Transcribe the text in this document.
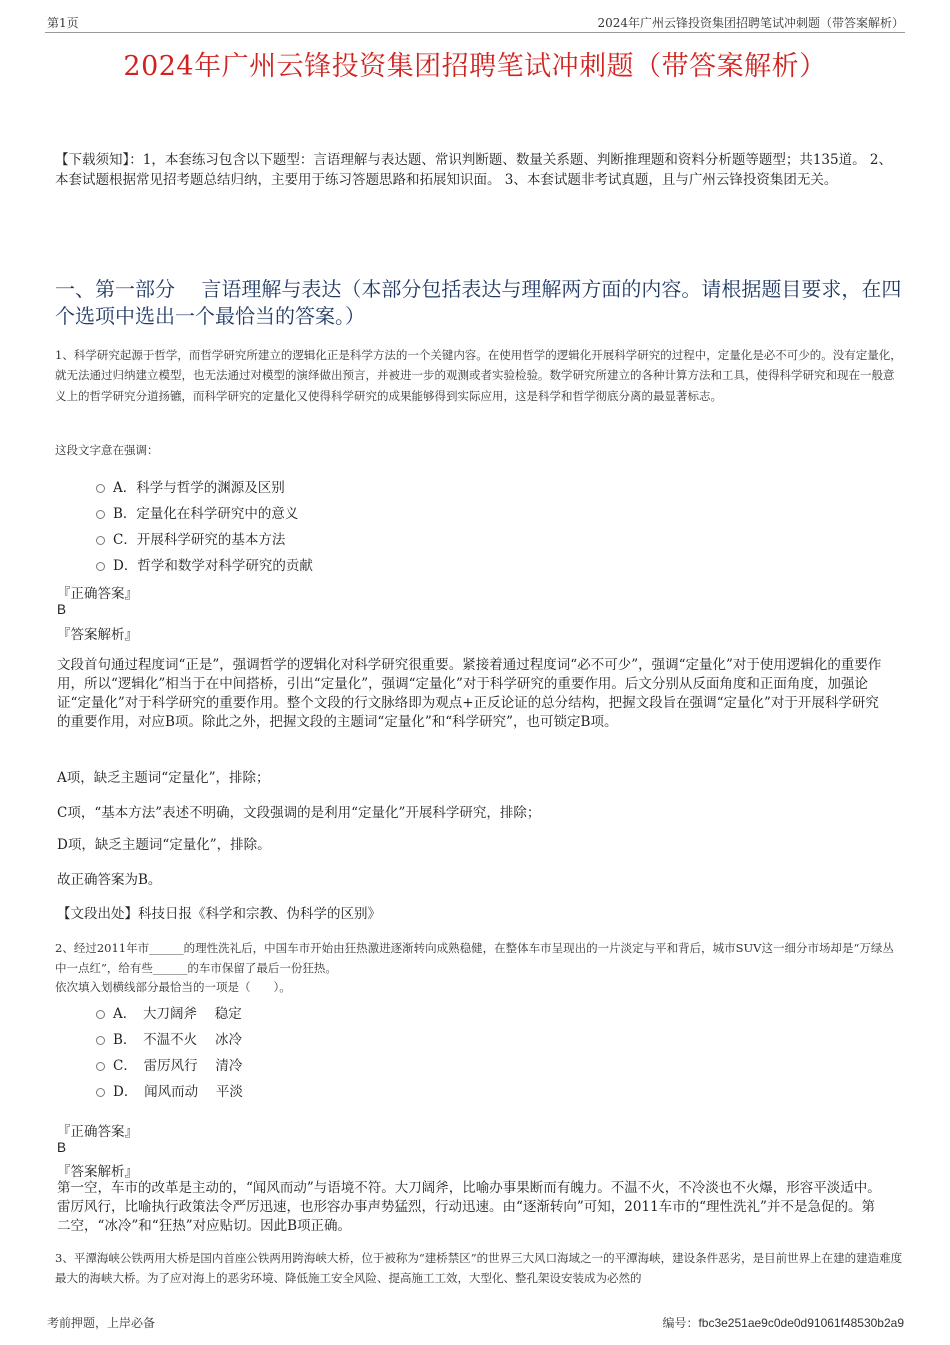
第1页	2024年广州云锋投资集团招聘笔试冲刺题（带答案解析）
2024年广州云锋投资集团招聘笔试冲刺题（带答案解析）
【下载须知】：1，本套练习包含以下题型：言语理解与表达题、常识判断题、数量关系题、判断推理题和资料分析题等题型；共135道。 2、本套试题根据常见招考题总结归纳，主要用于练习答题思路和拓展知识面。 3、本套试题非考试真题，且与广州云锋投资集团无关。
一、第一部分　 言语理解与表达（本部分包括表达与理解两方面的内容。请根据题目要求，在四个选项中选出一个最恰当的答案。）
1、科学研究起源于哲学，而哲学研究所建立的逻辑化正是科学方法的一个关键内容。在使用哲学的逻辑化开展科学研究的过程中，定量化是必不可少的。没有定量化，就无法通过归纳建立模型，也无法通过对模型的演绎做出预言，并被进一步的观测或者实验检验。数学研究所建立的各种计算方法和工具，使得科学研究和现在一般意义上的哲学研究分道扬镳，而科学研究的定量化又使得科学研究的成果能够得到实际应用，这是科学和哲学彻底分离的最显著标志。
这段文字意在强调：
A．科学与哲学的渊源及区别
B．定量化在科学研究中的意义
C．开展科学研究的基本方法
D．哲学和数学对科学研究的贡献
『正确答案』
B
『答案解析』
文段首句通过程度词“正是”，强调哲学的逻辑化对科学研究很重要。紧接着通过程度词“必不可少”，强调“定量化”对于使用逻辑化的重要作用，所以“逻辑化”相当于在中间搭桥，引出“定量化”，强调“定量化”对于科学研究的重要作用。后文分别从反面角度和正面角度，加强论证“定量化”对于科学研究的重要作用。整个文段的行文脉络即为观点+正反论证的总分结构，把握文段旨在强调“定量化”对于开展科学研究的重要作用，对应B项。除此之外，把握文段的主题词“定量化”和“科学研究”，也可锁定B项。
A项，缺乏主题词“定量化”，排除；
C项，“基本方法”表述不明确，文段强调的是利用“定量化”开展科学研究，排除；
D项，缺乏主题词“定量化”，排除。
故正确答案为B。
【文段出处】科技日报《科学和宗教、伪科学的区别》
2、经过2011年市______的理性洗礼后，中国车市开始由狂热激进逐渐转向成熟稳健，在整体车市呈现出的一片淡定与平和背后，城市SUV这一细分市场却是“万绿丛中一点红”，给有些______的车市保留了最后一份狂热。
依次填入划横线部分最恰当的一项是（　　）。
A．　大刀阔斧　 稳定
B．　不温不火　 冰冷
C．　雷厉风行　 清冷
D．　闻风而动　 平淡
『正确答案』
B
『答案解析』
第一空，车市的改革是主动的，“闻风而动”与语境不符。大刀阔斧，比喻办事果断而有魄力。不温不火，不冷淡也不火爆，形容平淡适中。雷厉风行，比喻执行政策法令严厉迅速，也形容办事声势猛烈，行动迅速。由“逐渐转向”可知，2011车市的“理性洗礼”并不是急促的。第二空，“冰冷”和“狂热”对应贴切。因此B项正确。
3、平潭海峡公铁两用大桥是国内首座公铁两用跨海峡大桥，位于被称为“建桥禁区”的世界三大风口海域之一的平潭海峡，建设条件恶劣，是目前世界上在建的建造难度最大的海峡大桥。为了应对海上的恶劣环境、降低施工安全风险、提高施工工效，大型化、整孔架设安装成为必然的
考前押题，上岸必备	编号：fbc3e251ae9c0de0d91061f48530b2a9
